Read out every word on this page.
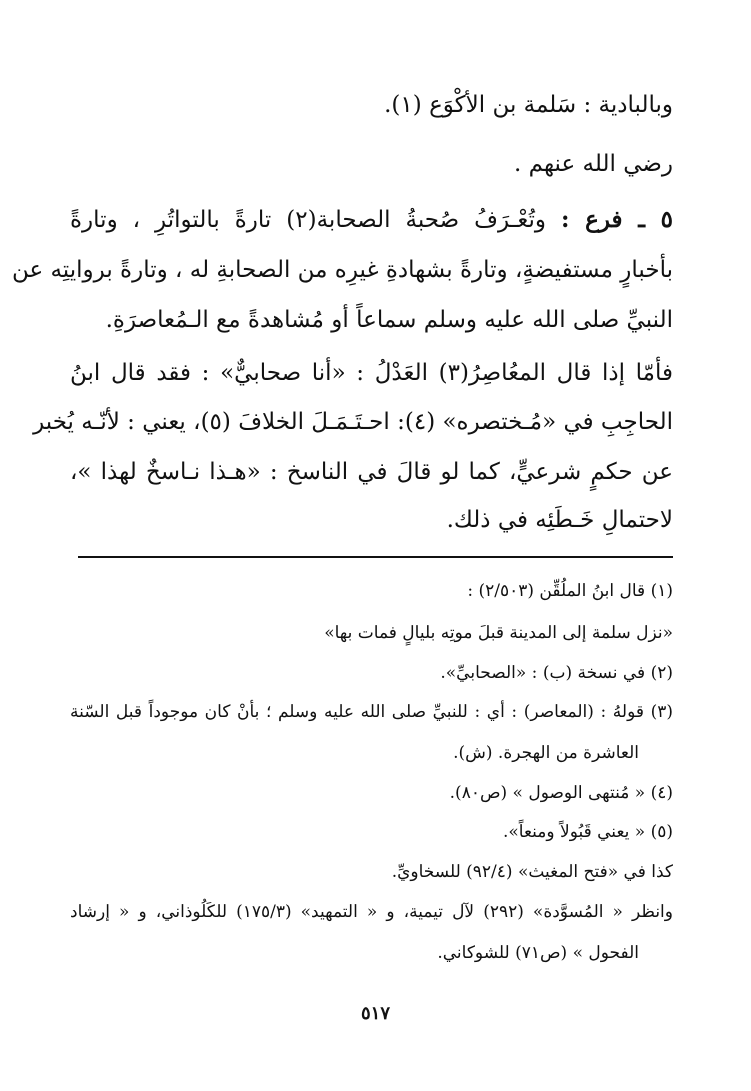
وبالبادية : سَلمة بن الأكْوَع (١).
رضي الله عنهم .
٥ ـ فرع : وتُعْـرَفُ صُحبةُ الصحابة(٢) تارةً بالتواتُرِ ، وتارةً
بأخبارٍ مستفيضةٍ، وتارةً بشهادةِ غيرِه من الصحابةِ له ، وتارةً بروايتِه عن
النبيِّ صلى الله عليه وسلم سماعاً أو مُشاهدةً مع الـمُعاصرَةِ.
فأمّا إذا قال المعُاصِرُ(٣) العَدْلُ : «أنا صحابيٌّ» : فقد قال ابنُ
الحاجِبِ في «مُـختصره» (٤): احـتَـمَـلَ الخلافَ (٥)، يعني : لأنّـه يُخبر
عن حكمٍ شرعيٍّ، كما لو قالَ في الناسخ : «هـذا نـاسخٌ لهذا »،
لاحتمالِ خَـطَئِه في ذلك.
(١) قال ابنُ الملُقِّن (٢/٥٠٣) :
«نزل سلمة إلى المدينة قبلَ موتِه بليالٍ فمات بها»
(٢) في نسخة (ب) : «الصحابيِّ».
(٣) قولهُ : (المعاصر) : أي : للنبيِّ صلى الله عليه وسلم ؛ بأنْ كان موجوداً قبل السّنة
العاشرة من الهجرة. (ش).
(٤) « مُنتهى الوصول » (ص٨٠).
(٥) « يعني قَبُولاً ومنعاً».
كذا في «فتح المغيث» (٩٢/٤) للسخاويِّ.
وانظر « المُسوَّدة» (٢٩٢) لآل تيمية، و « التمهيد» (١٧٥/٣) للكَلُوذاني، و « إرشاد
الفحول » (ص٧١) للشوكاني.
٥١٧
